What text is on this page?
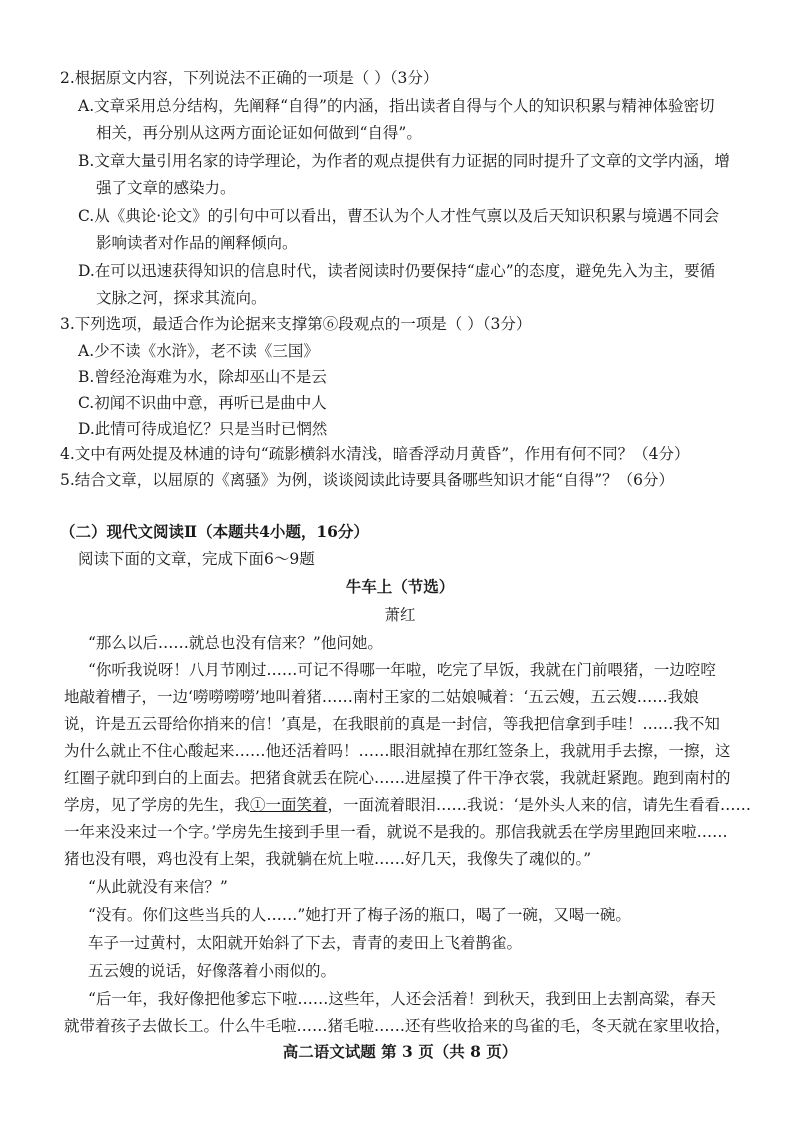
2.根据原文内容，下列说法不正确的一项是（ ）（3分）
A.文章采用总分结构，先阐释“自得”的内涵，指出读者自得与个人的知识积累与精神体验密切
相关，再分别从这两方面论证如何做到“自得”。
B.文章大量引用名家的诗学理论，为作者的观点提供有力证据的同时提升了文章的文学内涵，增
强了文章的感染力。
C.从《典论·论文》的引句中可以看出，曹丕认为个人才性气禀以及后天知识积累与境遇不同会
影响读者对作品的阐释倾向。
D.在可以迅速获得知识的信息时代，读者阅读时仍要保持“虚心”的态度，避免先入为主，要循
文脉之河，探求其流向。
3.下列选项，最适合作为论据来支撑第⑥段观点的一项是（ ）（3分）
A.少不读《水浒》，老不读《三国》
B.曾经沧海难为水，除却巫山不是云
C.初闻不识曲中意，再听已是曲中人
D.此情可待成追忆？只是当时已惘然
4.文中有两处提及林逋的诗句“疏影横斜水清浅，暗香浮动月黄昏”，作用有何不同？（4分）
5.结合文章，以屈原的《离骚》为例，谈谈阅读此诗要具备哪些知识才能“自得”？（6分）
（二）现代文阅读Ⅱ（本题共4小题，16分）
阅读下面的文章，完成下面6～9题
牛车上（节选）
萧红
“那么以后……就总也没有信来？”他问她。
“你听我说呀！八月节刚过……可记不得哪一年啦，吃完了早饭，我就在门前喂猪，一边啌啌
地敲着槽子，一边‘嘮嘮嘮嘮’地叫着猪……南村王家的二姑娘喊着：‘五云嫂，五云嫂……我娘
说，许是五云哥给你捎来的信！’真是，在我眼前的真是一封信，等我把信拿到手哇！……我不知
为什么就止不住心酸起来……他还活着吗！……眼泪就掉在那红签条上，我就用手去擦，一擦，这
红圈子就印到白的上面去。把猪食就丢在院心……进屋摸了件干净衣裳，我就赶紧跑。跑到南村的
学房，见了学房的先生，我①一面笑着，一面流着眼泪……我说：‘是外头人来的信，请先生看看……
一年来没来过一个字。’学房先生接到手里一看，就说不是我的。那信我就丢在学房里跑回来啦……
猪也没有喂，鸡也没有上架，我就躺在炕上啦……好几天，我像失了魂似的。”
“从此就没有来信？”
“没有。你们这些当兵的人……”她打开了梅子汤的瓶口，喝了一碗，又喝一碗。
车子一过黄村，太阳就开始斜了下去，青青的麦田上飞着鹊雀。
五云嫂的说话，好像落着小雨似的。
“后一年，我好像把他爹忘下啦……这些年，人还会活着！到秋天，我到田上去割高粱，春天
就带着孩子去做长工。什么牛毛啦……猪毛啦……还有些收拾来的鸟雀的毛，冬天就在家里收拾，
高二语文试题 第 3 页（共 8 页）
